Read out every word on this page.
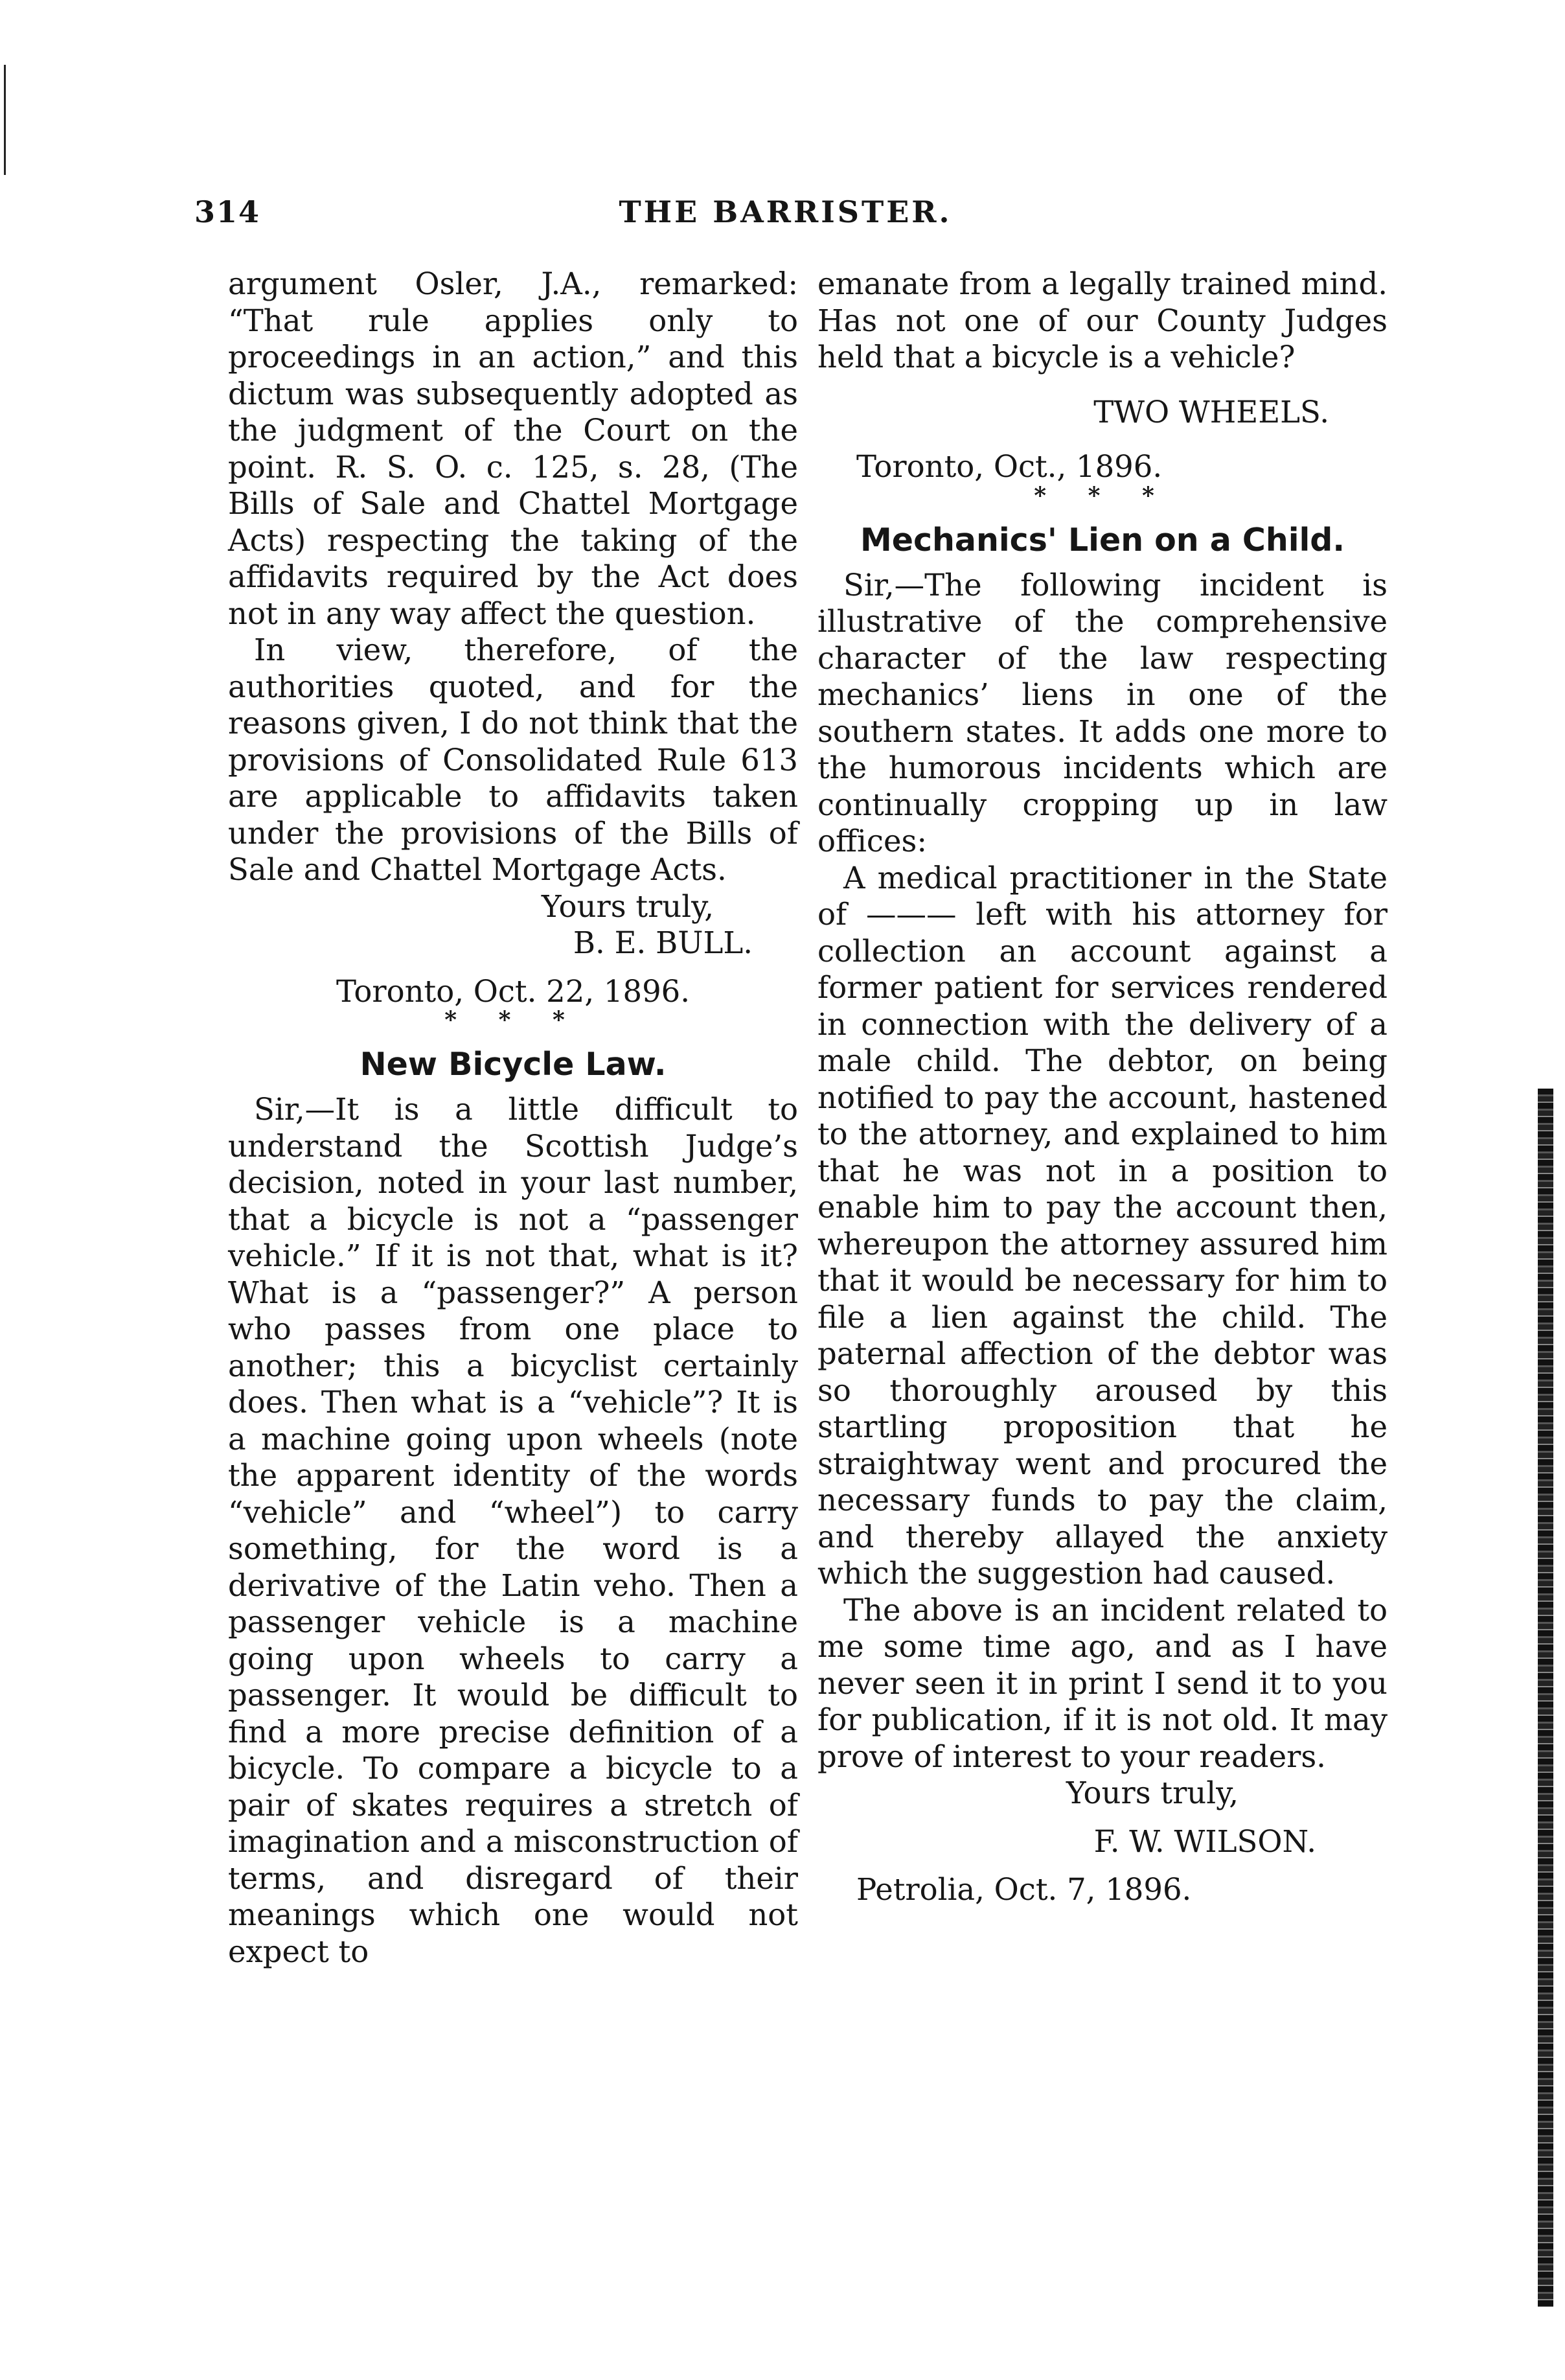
314	THE BARRISTER.

argument Osler, J.A., remarked: “That rule applies only to proceedings in an action,” and this dictum was subsequently adopted as the judgment of the Court on the point. R. S. O. c. 125, s. 28, (The Bills of Sale and Chattel Mortgage Acts) respecting the taking of the affidavits required by the Act does not in any way affect the question.

In view, therefore, of the authorities quoted, and for the reasons given, I do not think that the provisions of Consolidated Rule 613 are applicable to affidavits taken under the provisions of the Bills of Sale and Chattel Mortgage Acts.

Yours truly,

B. E. BULL.

Toronto, Oct. 22, 1896.

* * *

New Bicycle Law.

Sir,—It is a little difficult to understand the Scottish Judge’s decision, noted in your last number, that a bicycle is not a “passenger vehicle.” If it is not that, what is it? What is a “passenger?” A person who passes from one place to another; this a bicyclist certainly does. Then what is a “vehicle”? It is a machine going upon wheels (note the apparent identity of the words “vehicle” and “wheel”) to carry something, for the word is a derivative of the Latin veho. Then a passenger vehicle is a machine going upon wheels to carry a passenger. It would be difficult to find a more precise definition of a bicycle. To compare a bicycle to a pair of skates requires a stretch of imagination and a misconstruction of terms, and disregard of their meanings which one would not expect to

emanate from a legally trained mind. Has not one of our County Judges held that a bicycle is a vehicle?

TWO WHEELS.

Toronto, Oct., 1896.

* * *

Mechanics' Lien on a Child.

Sir,—The following incident is illustrative of the comprehensive character of the law respecting mechanics’ liens in one of the southern states. It adds one more to the humorous incidents which are continually cropping up in law offices:

A medical practitioner in the State of ——— left with his attorney for collection an account against a former patient for services rendered in connection with the delivery of a male child. The debtor, on being notified to pay the account, hastened to the attorney, and explained to him that he was not in a position to enable him to pay the account then, whereupon the attorney assured him that it would be necessary for him to file a lien against the child. The paternal affection of the debtor was so thoroughly aroused by this startling proposition that he straightway went and procured the necessary funds to pay the claim, and thereby allayed the anxiety which the suggestion had caused.

The above is an incident related to me some time ago, and as I have never seen it in print I send it to you for publication, if it is not old. It may prove of interest to your readers.

Yours truly,

F. W. WILSON.

Petrolia, Oct. 7, 1896.
